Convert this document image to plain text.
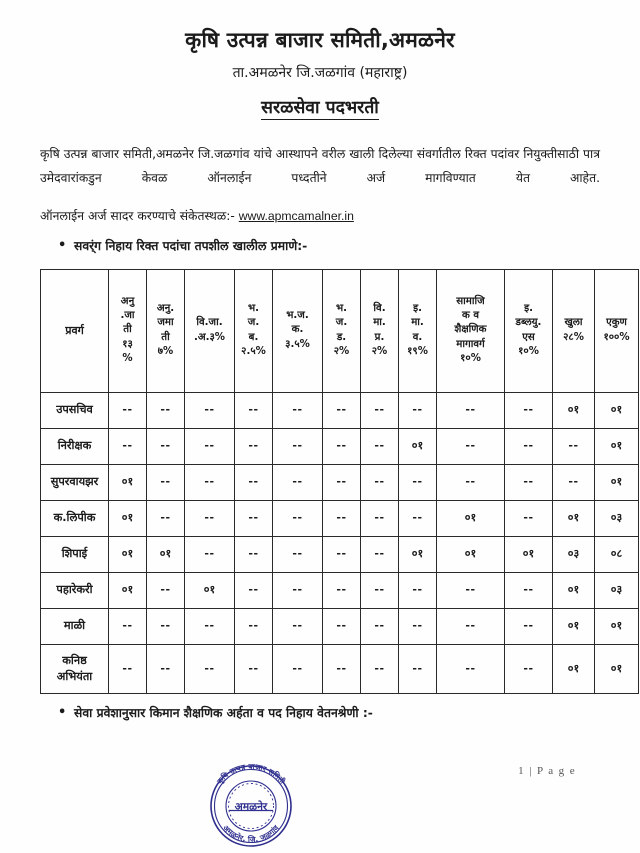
कृषि उत्पन्न बाजार समिती,अमळनेर

ता.अमळनेर जि.जळगांव (महाराष्ट्र)

सरळसेवा पदभरती

कृषि उत्पन्न बाजार समिती,अमळनेर जि.जळगांव यांचे आस्थापने वरील खाली दिलेल्या संवर्गातील रिक्त पदांवर नियुक्तीसाठी पात्र उमेदवारांकडुन केवळ ऑनलाईन पध्दतीने अर्ज मागविण्यात येत आहेत.

ऑनलाईन अर्ज सादर करण्याचे संकेतस्थळ:- www.apmcamalner.in

• सवर्ंग निहाय रिक्त पदांचा तपशील खालील प्रमाणे:-
प्रवर्ग	अनु
.जा
ती
१३
%	अनु.
जमा
ती
७%	वि.जा.
.अ.३%	भ.
ज.
ब.
२.५%	भ.ज.
क.
३.५%	भ.
ज.
ड.
२%	वि.
मा.
प्र.
२%	इ.
मा.
व.
१९%	सामाजि
क व
शैक्षणिक
मागावर्ग
१०%	इ.
डब्लयु.
एस
१०%	खुला
२८%	एकुण
१००%
उपसचिव	--	--	--	--	--	--	--	--	--	--	०१	०१
निरीक्षक	--	--	--	--	--	--	--	०१	--	--	--	०१
सुपरवायझर	०१	--	--	--	--	--	--	--	--	--	--	०१
क.लिपीक	०१	--	--	--	--	--	--	--	०१	--	०१	०३
शिपाई	०१	०१	--	--	--	--	--	०१	०१	०१	०३	०८
पहारेकरी	०१	--	०१	--	--	--	--	--	--	--	०१	०३
माळी	--	--	--	--	--	--	--	--	--	--	०१	०१
कनिष्ठ
अभियंता	--	--	--	--	--	--	--	--	--	--	०१	०१
• सेवा प्रवेशानुसार किमान शैक्षणिक अर्हता व पद निहाय वेतनश्रेणी :-
1 | P a g e
कृषि उत्पन्न बाजार समिती
अमळनेर, जि. जळगांव
अमळनेर
